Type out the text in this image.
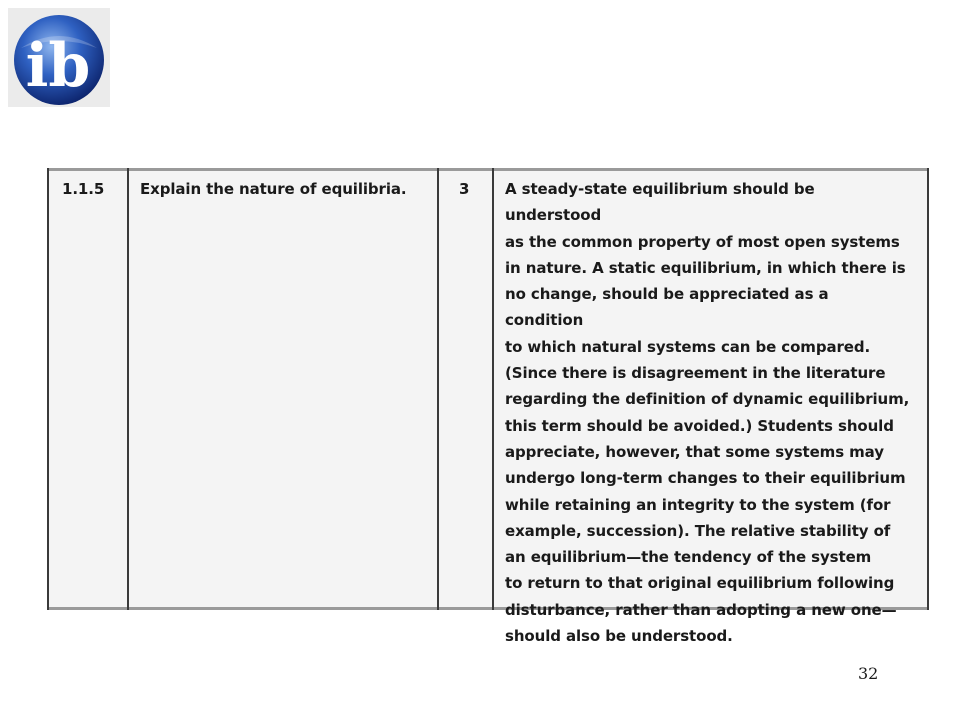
ib
1.1.5 Explain the nature of equilibria.	3 A steady-state equilibrium should be understood
as the common property of most open systems
in nature. A static equilibrium, in which there is
no change, should be appreciated as a condition
to which natural systems can be compared.
(Since there is disagreement in the literature
regarding the definition of dynamic equilibrium,
this term should be avoided.) Students should
appreciate, however, that some systems may
undergo long-term changes to their equilibrium
while retaining an integrity to the system (for
example, succession). The relative stability of
an equilibrium—the tendency of the system
to return to that original equilibrium following
disturbance, rather than adopting a new one—
should also be understood.
32
